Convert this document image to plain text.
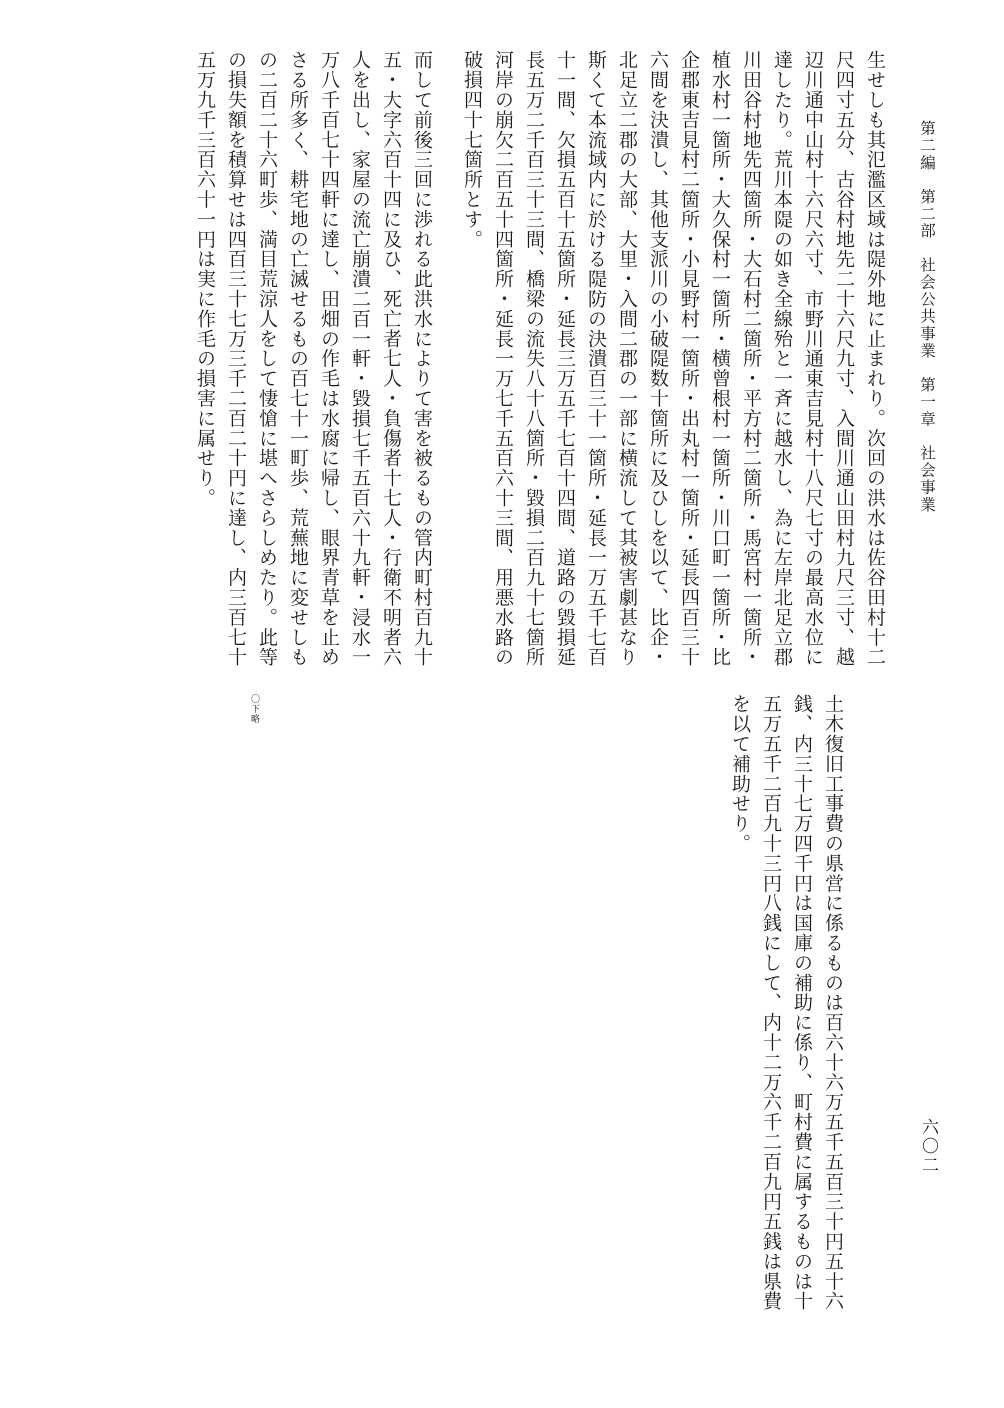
第二編　第二部　社会公共事業　第一章　社会事業
六〇二
生せしも其氾濫区域は隄外地に止まれり。次回の洪水は佐谷田村十二
尺四寸五分、古谷村地先二十六尺九寸、入間川通山田村九尺三寸、越
辺川通中山村十六尺六寸、市野川通東吉見村十八尺七寸の最高水位に
達したり。荒川本隄の如き全線殆と一斉に越水し、為に左岸北足立郡
川田谷村地先四箇所・大石村二箇所・平方村二箇所・馬宮村一箇所・
植水村一箇所・大久保村一箇所・横曾根村一箇所・川口町一箇所・比
企郡東吉見村二箇所・小見野村一箇所・出丸村一箇所・延長四百三十
六間を決潰し、其他支派川の小破隄数十箇所に及ひしを以て、比企・
北足立二郡の大部、大里・入間二郡の一部に横流して其被害劇甚なり
斯くて本流域内に於ける隄防の決潰百三十一箇所・延長一万五千七百
十一間、欠損五百十五箇所・延長三万五千七百十四間、道路の毀損延
長五万二千百三十三間、橋梁の流失八十八箇所・毀損二百九十七箇所
河岸の崩欠二百五十四箇所・延長一万七千五百六十三間、用悪水路の
破損四十七箇所とす。
而して前後三回に渉れる此洪水によりて害を被るもの管内町村百九十
五・大字六百十四に及ひ、死亡者七人・負傷者十七人・行衛不明者六
人を出し、家屋の流亡崩潰二百一軒・毀損七千五百六十九軒・浸水一
万八千百七十四軒に達し、田畑の作毛は水腐に帰し、眼界青草を止め
さる所多く、耕宅地の亡滅せるもの百七十一町歩、荒蕪地に変せしも
の二百二十六町歩、満目荒涼人をして悽愴に堪へさらしめたり。此等
の損失額を積算せは四百三十七万三千二百二十円に達し、内三百七十
五万九千三百六十一円は実に作毛の損害に属せり。
土木復旧工事費の県営に係るものは百六十六万五千五百三十円五十六
銭、内三十七万四千円は国庫の補助に係り、町村費に属するものは十
五万五千二百九十三円八銭にして、内十二万六千二百九円五銭は県費
を以て補助せり。
〇下略
